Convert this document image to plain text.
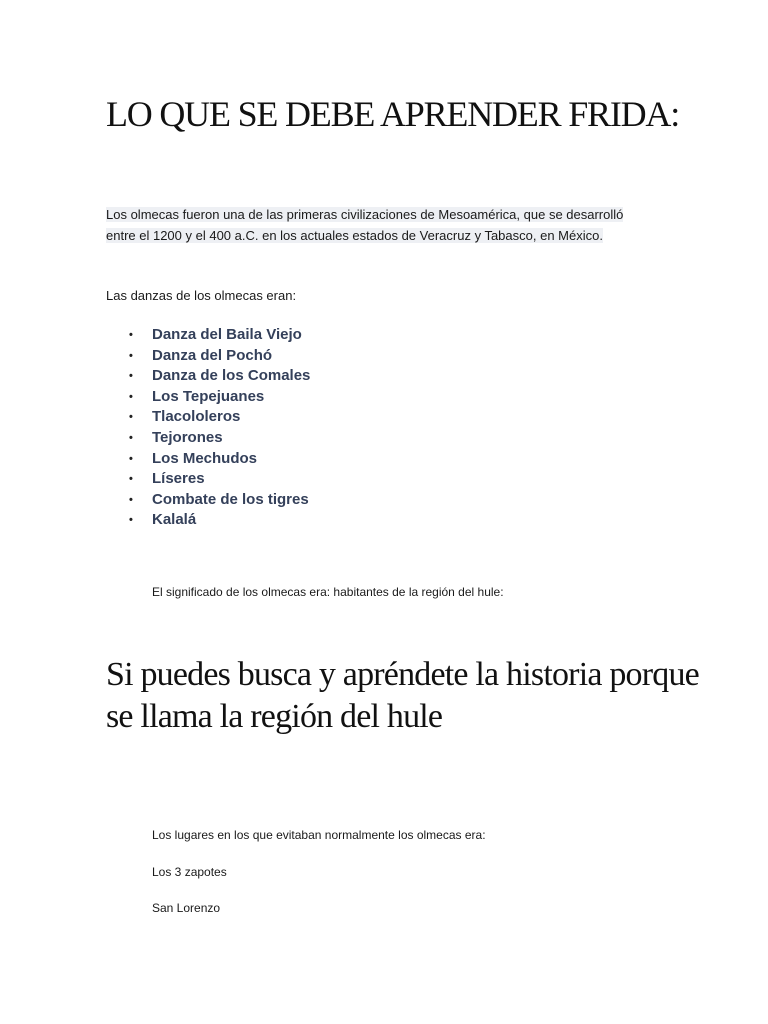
LO QUE SE DEBE APRENDER FRIDA:

Los olmecas fueron una de las primeras civilizaciones de Mesoamérica, que se desarrolló entre el 1200 y el 400 a.C. en los actuales estados de Veracruz y Tabasco, en México.

Las danzas de los olmecas eran:

• Danza del Baila Viejo
• Danza del Pochó
• Danza de los Comales
• Los Tepejuanes
• Tlacololeros
• Tejorones
• Los Mechudos
• Líseres
• Combate de los tigres
• Kalalá

El significado de los olmecas era: habitantes de la región del hule:

Si puedes busca y apréndete la historia porque se llama la región del hule

Los lugares en los que evitaban normalmente los olmecas era:

Los 3 zapotes

San Lorenzo
